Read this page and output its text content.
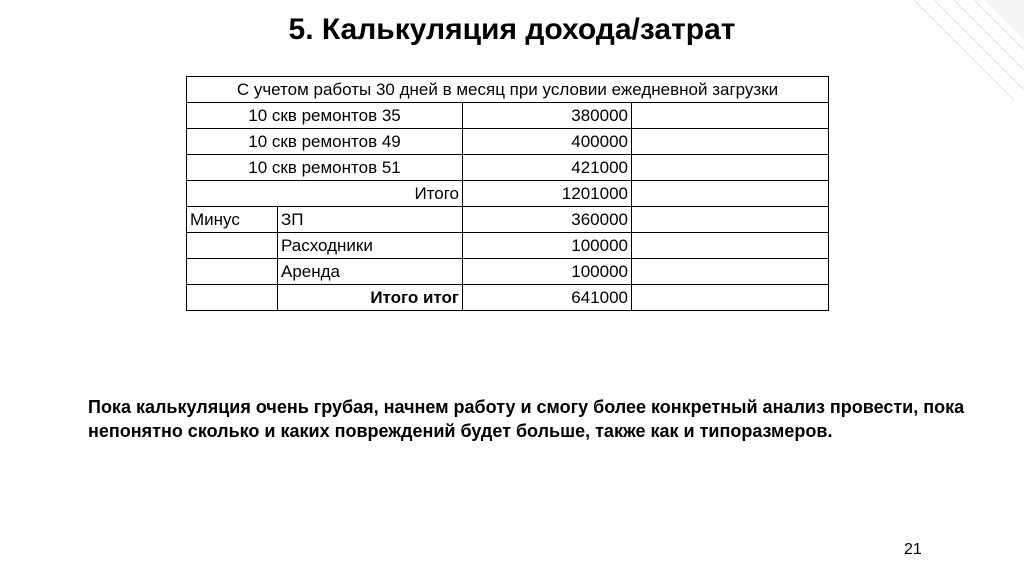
5. Калькуляция дохода/затрат
С учетом работы 30 дней в месяц при условии ежедневной загрузки			
10 скв ремонтов 35		380000	
10 скв ремонтов 49		400000	
10 скв ремонтов 51		421000	
Итого		1201000	
Минус	ЗП	360000	
	Расходники	100000	
	Аренда	100000	
	Итого итог	641000	
Пока калькуляция очень грубая, начнем работу и смогу более конкретный анализ провести, пока непонятно сколько и каких повреждений будет больше, также как и типоразмеров.
21
